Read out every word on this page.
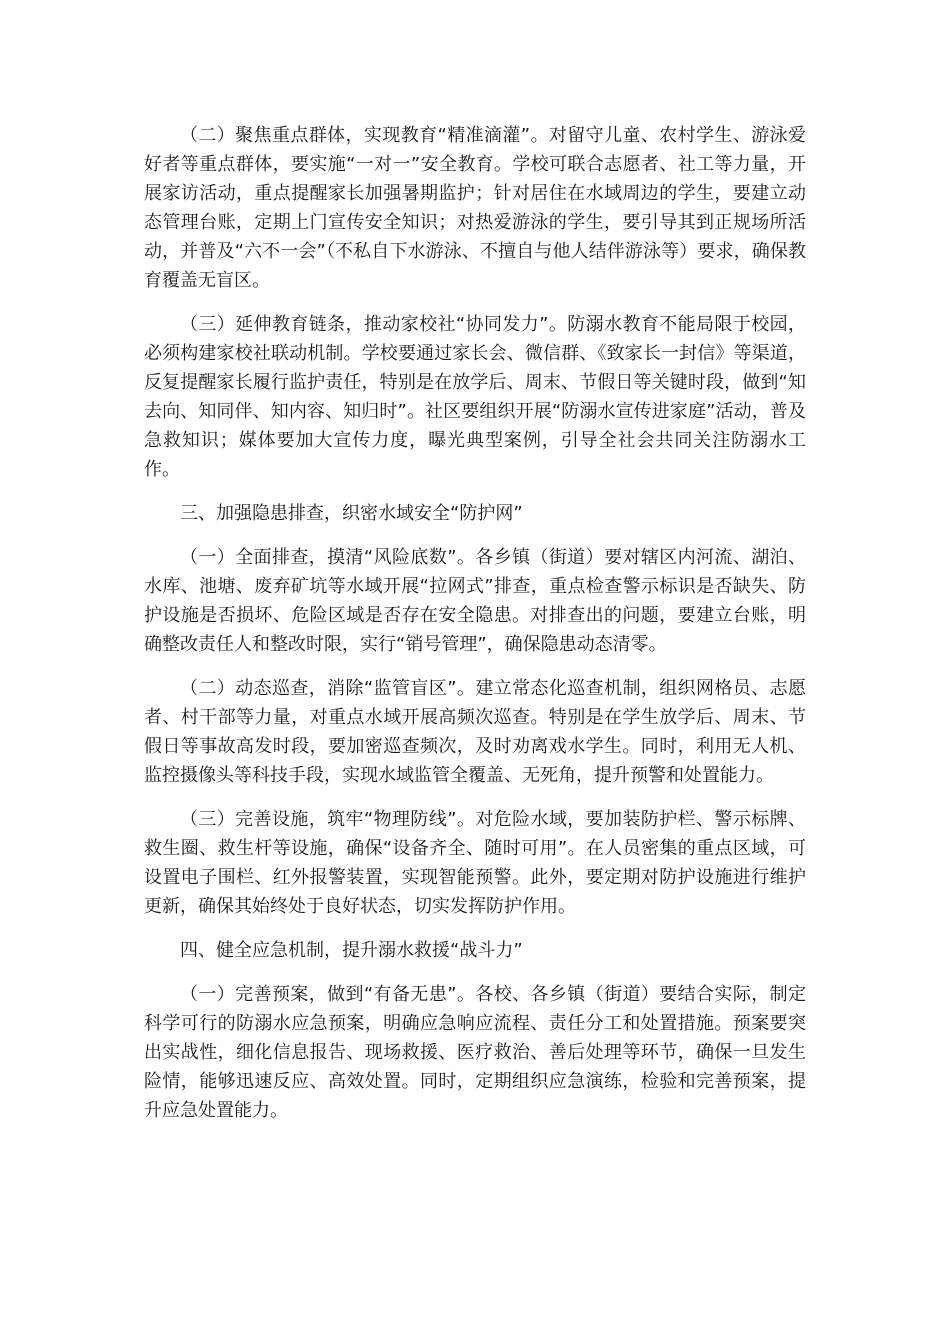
（二）聚焦重点群体，实现教育“精准滴灌”。对留守儿童、农村学生、游泳爱好者等重点群体，要实施“一对一”安全教育。学校可联合志愿者、社工等力量，开展家访活动，重点提醒家长加强暑期监护；针对居住在水域周边的学生，要建立动态管理台账，定期上门宣传安全知识；对热爱游泳的学生，要引导其到正规场所活动，并普及“六不一会”（不私自下水游泳、不擅自与他人结伴游泳等）要求，确保教育覆盖无盲区。

（三）延伸教育链条，推动家校社“协同发力”。防溺水教育不能局限于校园，必须构建家校社联动机制。学校要通过家长会、微信群、《致家长一封信》等渠道，反复提醒家长履行监护责任，特别是在放学后、周末、节假日等关键时段，做到“知去向、知同伴、知内容、知归时”。社区要组织开展“防溺水宣传进家庭”活动，普及急救知识；媒体要加大宣传力度，曝光典型案例，引导全社会共同关注防溺水工作。

三、加强隐患排查，织密水域安全“防护网”

（一）全面排查，摸清“风险底数”。各乡镇（街道）要对辖区内河流、湖泊、水库、池塘、废弃矿坑等水域开展“拉网式”排查，重点检查警示标识是否缺失、防护设施是否损坏、危险区域是否存在安全隐患。对排查出的问题，要建立台账，明确整改责任人和整改时限，实行“销号管理”，确保隐患动态清零。

（二）动态巡查，消除“监管盲区”。建立常态化巡查机制，组织网格员、志愿者、村干部等力量，对重点水域开展高频次巡查。特别是在学生放学后、周末、节假日等事故高发时段，要加密巡查频次，及时劝离戏水学生。同时，利用无人机、监控摄像头等科技手段，实现水域监管全覆盖、无死角，提升预警和处置能力。

（三）完善设施，筑牢“物理防线”。对危险水域，要加装防护栏、警示标牌、救生圈、救生杆等设施，确保“设备齐全、随时可用”。在人员密集的重点区域，可设置电子围栏、红外报警装置，实现智能预警。此外，要定期对防护设施进行维护更新，确保其始终处于良好状态，切实发挥防护作用。

四、健全应急机制，提升溺水救援“战斗力”

（一）完善预案，做到“有备无患”。各校、各乡镇（街道）要结合实际，制定科学可行的防溺水应急预案，明确应急响应流程、责任分工和处置措施。预案要突出实战性，细化信息报告、现场救援、医疗救治、善后处理等环节，确保一旦发生险情，能够迅速反应、高效处置。同时，定期组织应急演练，检验和完善预案，提升应急处置能力。
